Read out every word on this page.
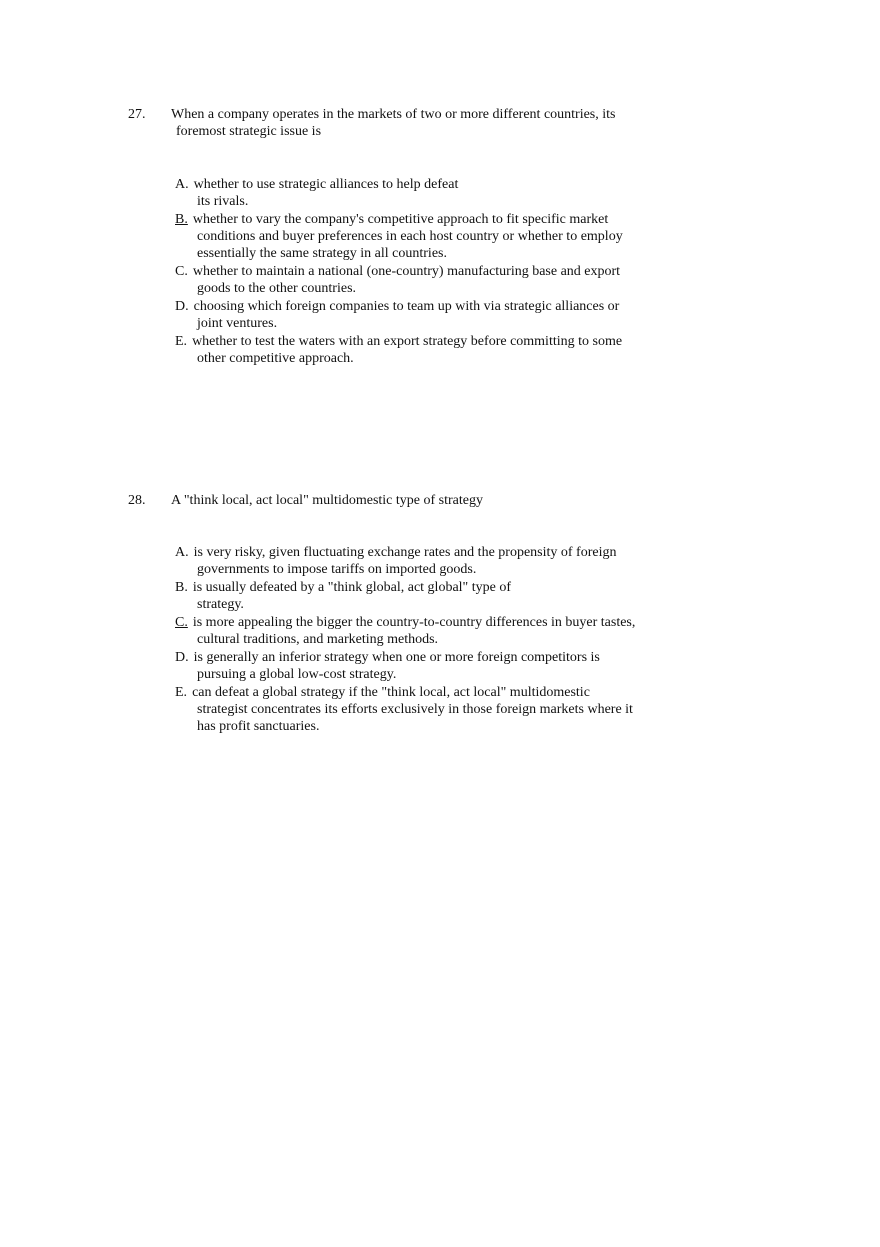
27.	When a company operates in the markets of two or more different countries, its
foremost strategic issue is
A. whether to use strategic alliances to help defeat
its rivals.
B. whether to vary the company's competitive approach to fit specific market
conditions and buyer preferences in each host country or whether to employ
essentially the same strategy in all countries.
C. whether to maintain a national (one-country) manufacturing base and export
goods to the other countries.
D. choosing which foreign companies to team up with via strategic alliances or
joint ventures.
E. whether to test the waters with an export strategy before committing to some
other competitive approach.
28.	A "think local, act local" multidomestic type of strategy
A. is very risky, given fluctuating exchange rates and the propensity of foreign
governments to impose tariffs on imported goods.
B. is usually defeated by a "think global, act global" type of
strategy.
C. is more appealing the bigger the country-to-country differences in buyer tastes,
cultural traditions, and marketing methods.
D. is generally an inferior strategy when one or more foreign competitors is
pursuing a global low-cost strategy.
E. can defeat a global strategy if the "think local, act local" multidomestic
strategist concentrates its efforts exclusively in those foreign markets where it
has profit sanctuaries.
